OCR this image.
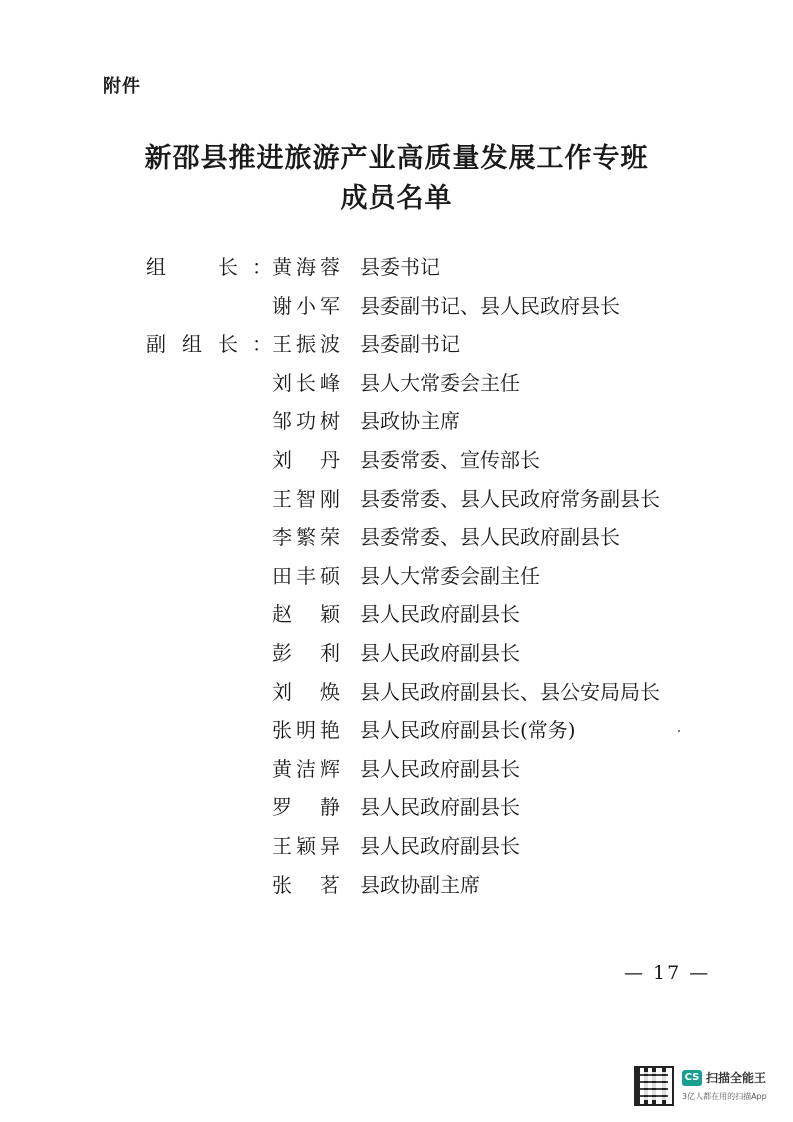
附件
新邵县推进旅游产业高质量发展工作专班
成员名单
组长 ： 黄海蓉 县委书记
谢小军 县委副书记、县人民政府县长
副组长 ： 王振波 县委副书记
刘长峰 县人大常委会主任
邹功树 县政协主席
刘丹 县委常委、宣传部长
王智刚 县委常委、县人民政府常务副县长
李繁荣 县委常委、县人民政府副县长
田丰硕 县人大常委会副主任
赵颖 县人民政府副县长
彭利 县人民政府副县长
刘焕 县人民政府副县长、县公安局局长
张明艳 县人民政府副县长(常务)
黄洁辉 县人民政府副县长
罗静 县人民政府副县长
王颖异 县人民政府副县长
张茗 县政协副主席
— 17 —
CS 扫描全能王
3亿人都在用的扫描App
